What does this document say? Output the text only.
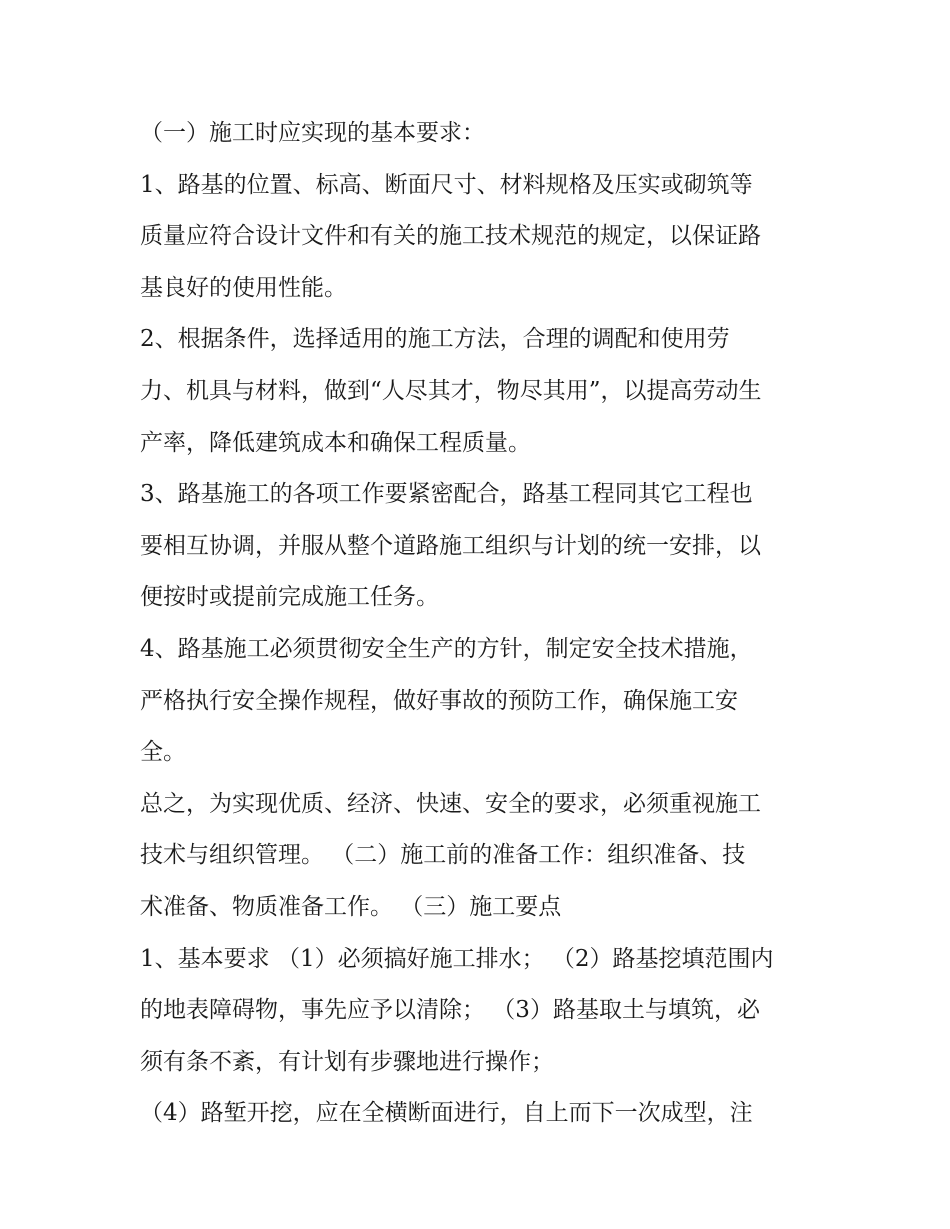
（一）施工时应实现的基本要求：
1、路基的位置、标高、断面尺寸、材料规格及压实或砌筑等
质量应符合设计文件和有关的施工技术规范的规定，以保证路
基良好的使用性能。
2、根据条件，选择适用的施工方法，合理的调配和使用劳
力、机具与材料，做到“人尽其才，物尽其用”，以提高劳动生
产率，降低建筑成本和确保工程质量。
3、路基施工的各项工作要紧密配合，路基工程同其它工程也
要相互协调，并服从整个道路施工组织与计划的统一安排，以
便按时或提前完成施工任务。
4、路基施工必须贯彻安全生产的方针，制定安全技术措施，
严格执行安全操作规程，做好事故的预防工作，确保施工安
全。
总之，为实现优质、经济、快速、安全的要求，必须重视施工
技术与组织管理。 （二）施工前的准备工作：组织准备、技
术准备、物质准备工作。 （三）施工要点
1、基本要求 （1）必须搞好施工排水； （2）路基挖填范围内
的地表障碍物，事先应予以清除； （3）路基取土与填筑，必
须有条不紊，有计划有步骤地进行操作；
（4）路堑开挖，应在全横断面进行，自上而下一次成型，注
